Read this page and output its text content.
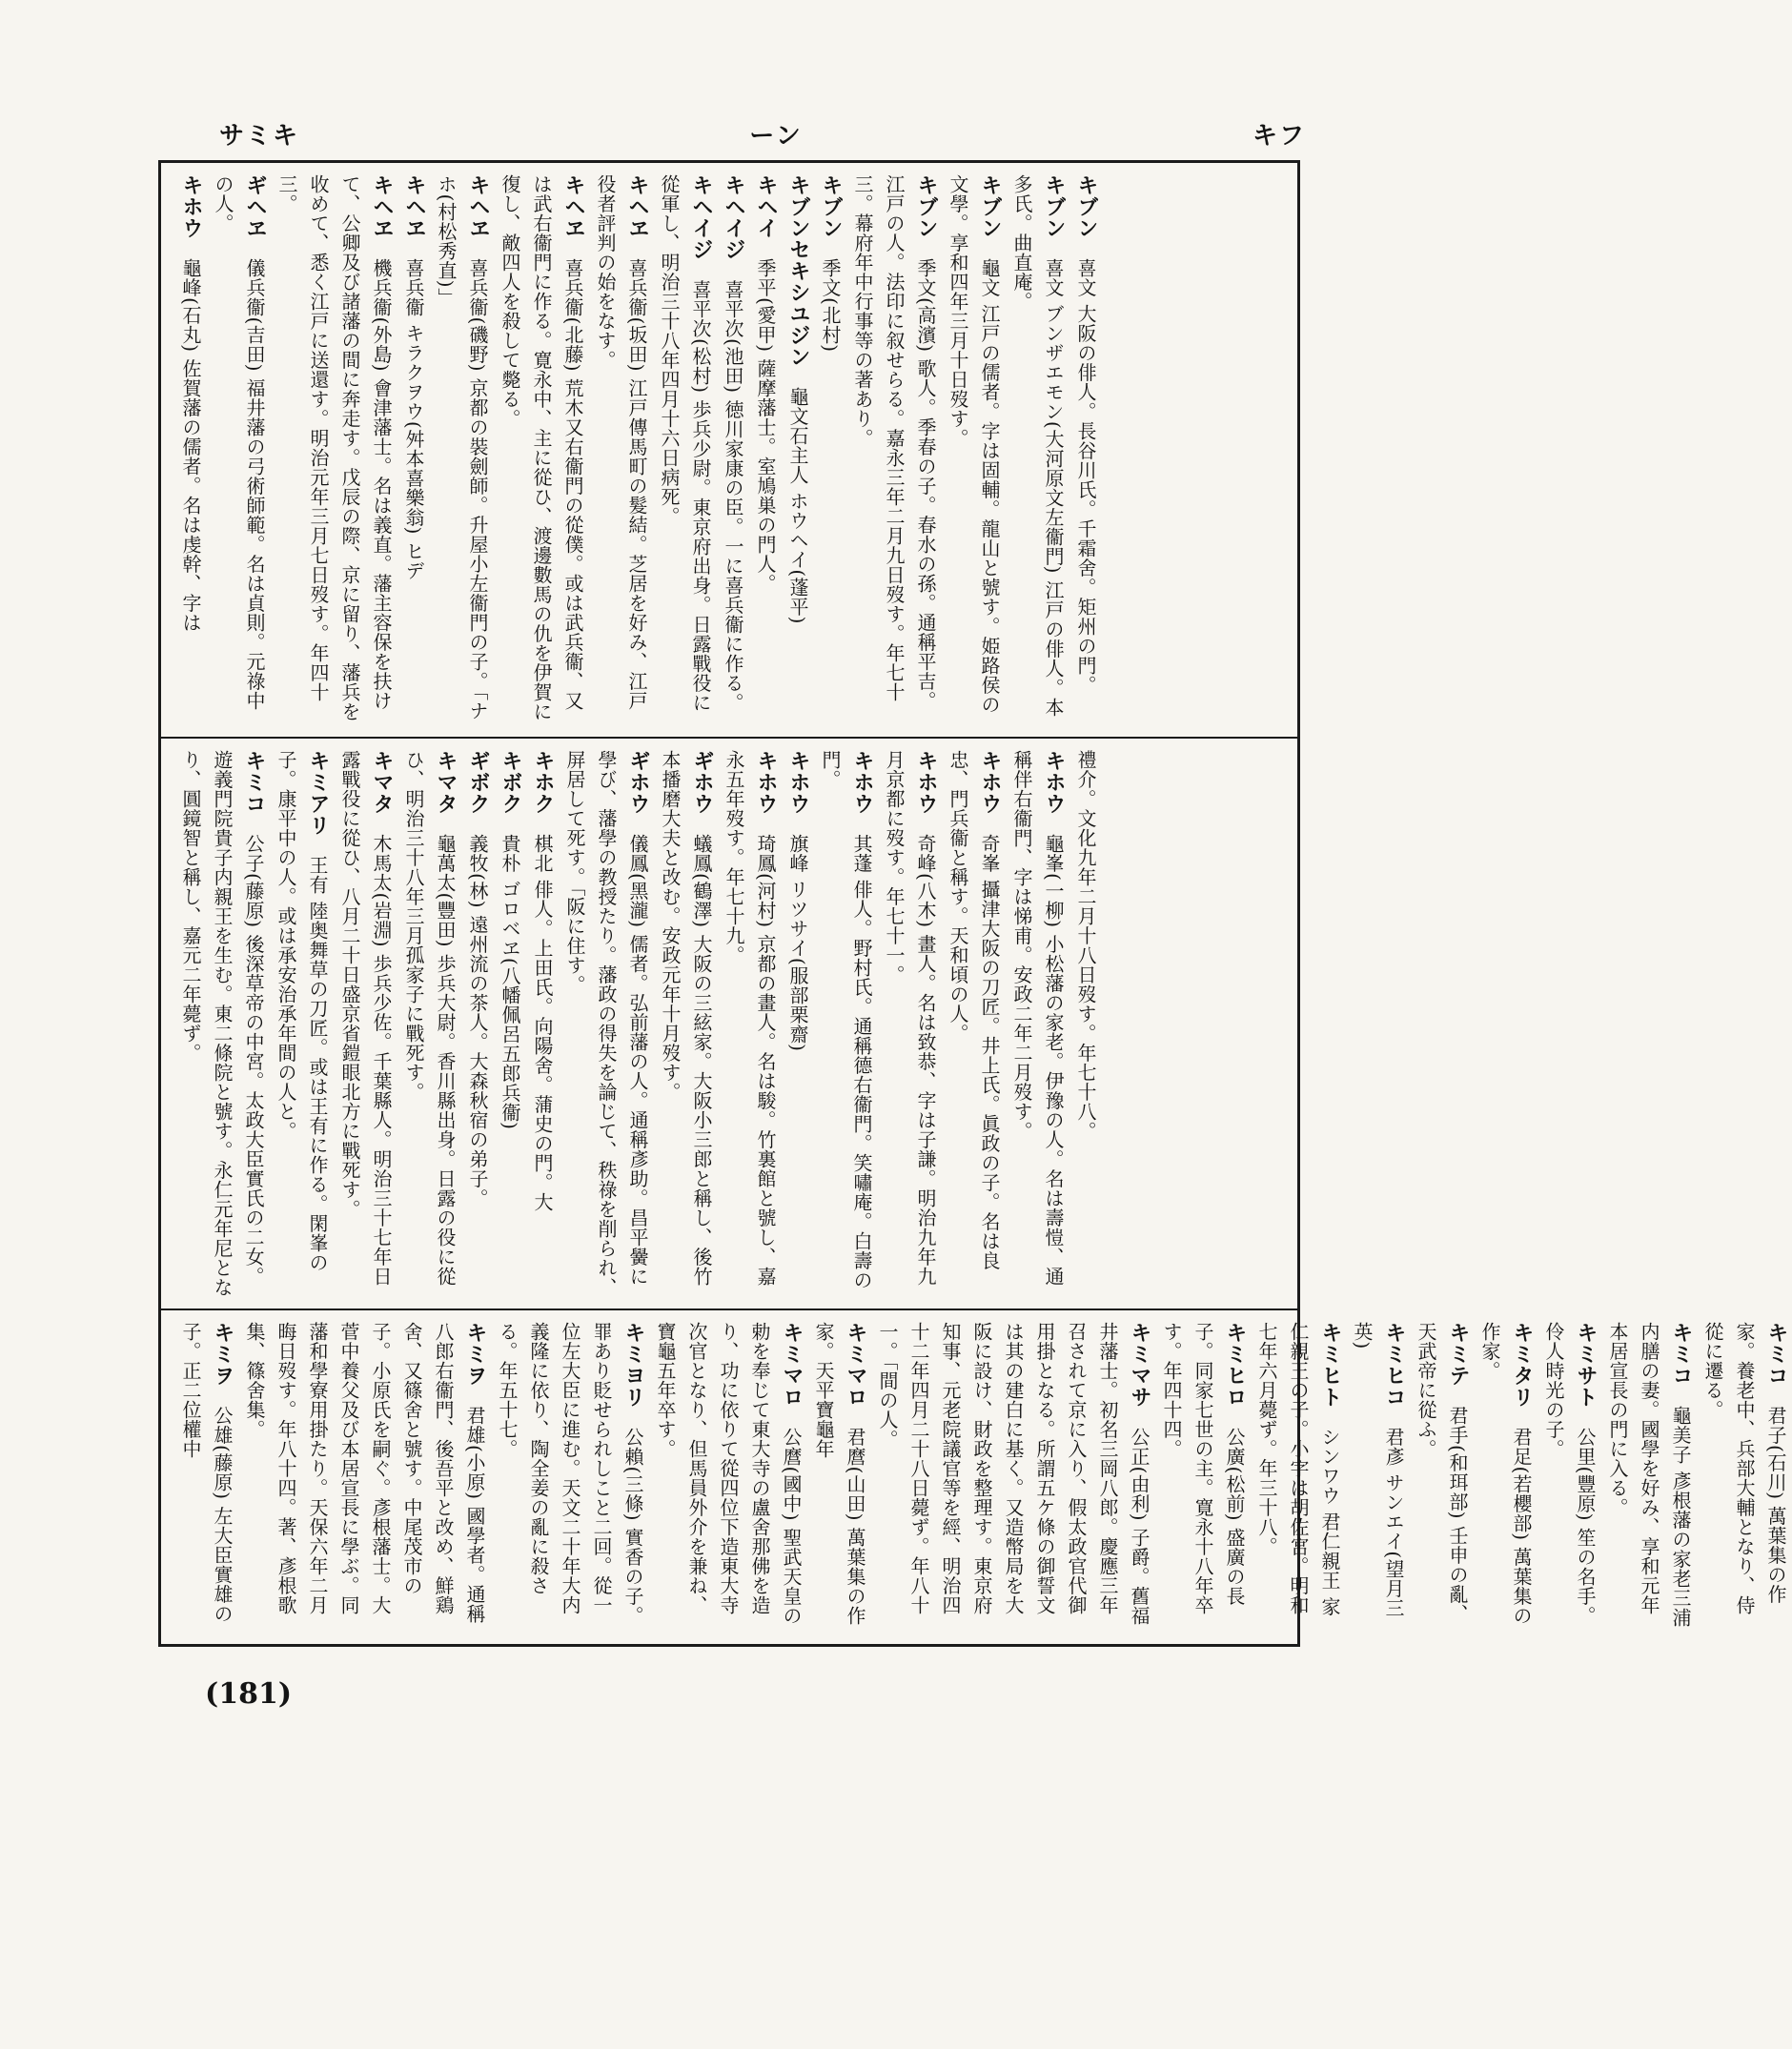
サミキ	ーン	キフ
キブン　喜文 大阪の俳人。長谷川氏。千霜舍。矩州の門。
キブン　喜文 ブンザエモン(大河原文左衞門) 江戸の俳人。本多氏。曲直庵。
キブン　龜文 江戸の儒者。字は固輔。龍山と號す。姫路侯の文學。享和四年三月十日歿す。
キブン　季文(高濱) 歌人。季春の子。春水の孫。通稱平吉。江戸の人。法印に叙せらる。嘉永三年二月九日歿す。年七十三。幕府年中行事等の著あり。
キブン　季文(北村)
キブンセキシユジン　龜文石主人 ホウヘイ(蓬平)
キヘイ　季平(愛甲) 薩摩藩士。室鳩巣の門人。
キヘイジ　喜平次(池田) 徳川家康の臣。一に喜兵衞に作る。
キヘイジ　喜平次(松村) 歩兵少尉。東京府出身。日露戰役に從軍し、明治三十八年四月十六日病死。
キヘヱ　喜兵衞(坂田) 江戸傳馬町の髮結。芝居を好み、江戸役者評判の始をなす。
キヘヱ　喜兵衞(北藤) 荒木又右衞門の從僕。或は武兵衞、又は武右衞門に作る。寛永中、主に從ひ、渡邊數馬の仇を伊賀に復し、敵四人を殺して斃る。
キヘヱ　喜兵衞(磯野) 京都の裝劍師。升屋小左衞門の子。「ナホ(村松秀直)」
キヘヱ　喜兵衞 キラクヲウ(舛本喜樂翁) ヒデ
キヘヱ　機兵衞(外島) 會津藩士。名は義直。藩主容保を扶けて、公卿及び諸藩の間に奔走す。戊辰の際、京に留り、藩兵を收めて、悉く江戸に送還す。明治元年三月七日歿す。年四十三。
ギヘヱ　儀兵衞(吉田) 福井藩の弓術師範。名は貞則。元祿中の人。
キホウ　龜峰(石丸) 佐賀藩の儒者。名は虔幹、字は
禮介。文化九年二月十八日歿す。年七十八。
キホウ　龜峯(一柳) 小松藩の家老。伊豫の人。名は壽愷、通稱伴右衞門、字は悌甫。安政二年二月歿す。
キホウ　奇峯 攝津大阪の刀匠。井上氏。眞政の子。名は良忠、門兵衞と稱す。天和頃の人。
キホウ　奇峰(八木) 畫人。名は致恭、字は子謙。明治九年九月京都に歿す。年七十一。
キホウ　其蓬 俳人。野村氏。通稱德右衞門。笑嘯庵。白壽の門。
キホウ　旗峰 リツサイ(服部栗齋)
キホウ　琦鳳(河村) 京都の畫人。名は駿。竹裏館と號し、嘉永五年歿す。年七十九。
ギホウ　蟻鳳(鶴澤) 大阪の三絃家。大阪小三郎と稱し、後竹本播磨大夫と改む。安政元年十月歿す。
ギホウ　儀鳳(黑瀧) 儒者。弘前藩の人。通稱彥助。昌平黌に學び、藩學の教授たり。藩政の得失を論じて、秩祿を削られ、屏居して死す。「阪に住す。
キホク　棋北 俳人。上田氏。向陽舍。蒲史の門。大
キボク　貴朴 ゴロベヱ(八幡佩呂五郎兵衞)
ギボク　義牧(林) 遠州流の茶人。大森秋宿の弟子。
キマタ　龜萬太(豐田) 歩兵大尉。香川縣出身。日露の役に從ひ、明治三十八年三月孤家子に戰死す。
キマタ　木馬太(岩淵) 歩兵少佐。千葉縣人。明治三十七年日露戰役に從ひ、八月二十日盛京省鎧眼北方に戰死す。
キミアリ　王有 陸奥舞草の刀匠。或は王有に作る。閑峯の子。康平中の人。或は承安治承年間の人と。
キミコ　公子(藤原) 後深草帝の中宮。太政大臣實氏の二女。遊義門院貴子内親王を生む。東二條院と號す。永仁元年尼となり、圓鏡智と稱し、嘉元二年薨ず。
キミコ　君子(石川) 萬葉集の作家。養老中、兵部大輔となり、侍從に遷る。
キミコ　龜美子 彥根藩の家老三浦内膳の妻。國學を好み、享和元年本居宣長の門に入る。
キミサト　公里(豐原) 笙の名手。伶人時光の子。
キミタリ　君足(若櫻部) 萬葉集の作家。
キミテ　君手(和珥部) 壬申の亂、天武帝に從ふ。
キミヒコ　君彥 サンエイ(望月三英)
キミヒト　シンワウ 君仁親王 家仁親王の子。小字は胡佐宮。明和七年六月薨ず。年三十八。
キミヒロ　公廣(松前) 盛廣の長子。同家七世の主。寛永十八年卒す。年四十四。
キミマサ　公正(由利) 子爵。舊福井藩士。初名三岡八郎。慶應三年召されて京に入り、假太政官代御用掛となる。所謂五ケ條の御誓文は其の建白に基く。又造幣局を大阪に設け、財政を整理す。東京府知事、元老院議官等を經、明治四十二年四月二十八日薨ず。年八十一。「間の人。
キミマロ　君麿(山田) 萬葉集の作家。天平寶龜年
キミマロ　公麿(國中) 聖武天皇の勅を奉じて東大寺の盧舍那佛を造り、功に依りて從四位下造東大寺次官となり、但馬員外介を兼ね、寶龜五年卒す。
キミヨリ　公賴(三條) 實香の子。罪あり貶せられしこと二回。從一位左大臣に進む。天文二十年大内義隆に依り、陶全姜の亂に殺さる。年五十七。
キミヲ　君雄(小原) 國學者。通稱八郎右衞門、後吾平と改め、鮮鶏舍、又篠舍と號す。中尾茂市の子。小原氏を嗣ぐ。彥根藩士。大菅中養父及び本居宣長に學ぶ。同藩和學寮用掛たり。天保六年二月晦日歿す。年八十四。著、彥根歌集、篠舍集。
キミヲ　公雄(藤原) 左大臣實雄の子。正二位權中
(181)
